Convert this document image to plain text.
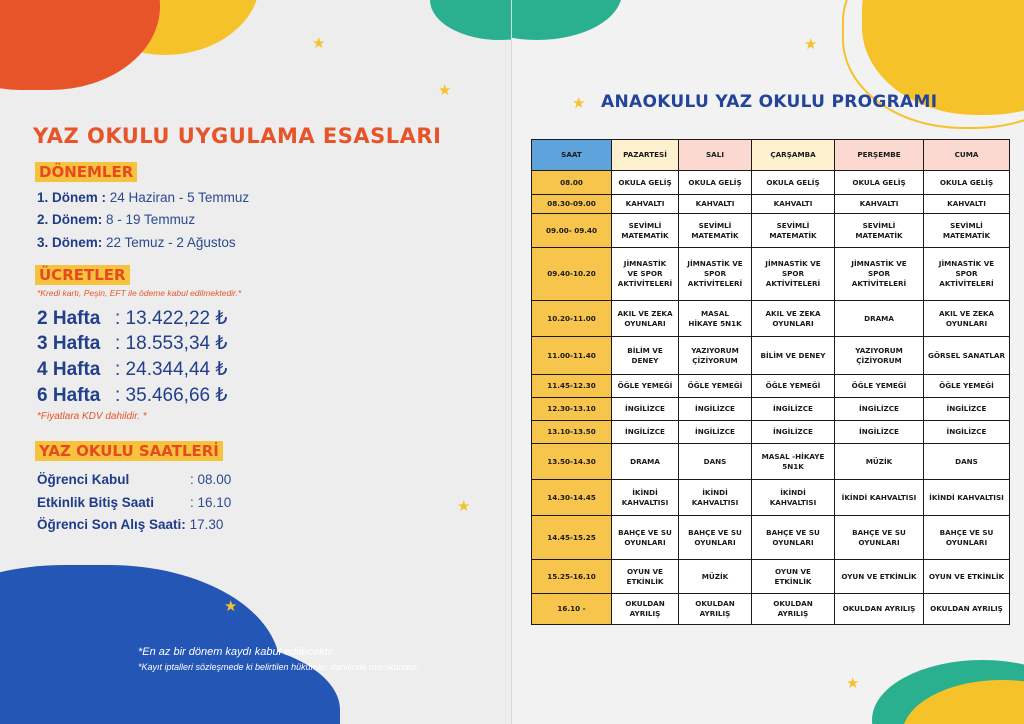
★
★
★
★
YAZ OKULU UYGULAMA ESASLARI
DÖNEMLER
1. Dönem : 24 Haziran - 5 Temmuz
2. Dönem: 8 - 19 Temmuz
3. Dönem: 22 Temuz - 2 Ağustos
ÜCRETLER
*Kredi kartı, Peşin, EFT ile ödeme kabul edilmektedir.*
2 Hafta : 13.422,22 ₺
3 Hafta : 18.553,34 ₺
4 Hafta : 24.344,44 ₺
6 Hafta : 35.466,66 ₺
*Fiyatlara KDV dahildir. *
YAZ OKULU SAATLERİ
Öğrenci Kabul	: 08.00
Etkinlik Bitiş Saati	: 16.10
Öğrenci Son Alış Saati: 17.30
*En az bir dönem kaydı kabul edilecektir.
*Kayıt iptalleri sözleşmede ki belirtilen hükümler dahilinde mümkündür.
★
★
★
ANAOKULU YAZ OKULU PROGRAMI
SAAT	PAZARTESİ	SALI	ÇARŞAMBA	PERŞEMBE	CUMA
08.00	OKULA GELİŞ	OKULA GELİŞ	OKULA GELİŞ	OKULA GELİŞ	OKULA GELİŞ
08.30-09.00	KAHVALTI	KAHVALTI	KAHVALTI	KAHVALTI	KAHVALTI
09.00- 09.40	SEVİMLİ
MATEMATİK	SEVİMLİ
MATEMATİK	SEVİMLİ
MATEMATİK	SEVİMLİ
MATEMATİK	SEVİMLİ
MATEMATİK
09.40-10.20	JİMNASTİK
VE SPOR
AKTİVİTELERİ	JİMNASTİK VE
SPOR
AKTİVİTELERİ	JİMNASTİK VE
SPOR
AKTİVİTELERİ	JİMNASTİK VE
SPOR
AKTİVİTELERİ	JİMNASTİK VE
SPOR
AKTİVİTELERİ
10.20-11.00	AKIL VE ZEKA
OYUNLARI	MASAL
HİKAYE 5N1K	AKIL VE ZEKA
OYUNLARI	DRAMA	AKIL VE ZEKA
OYUNLARI
11.00-11.40	BİLİM VE
DENEY	YAZIYORUM
ÇİZİYORUM	BİLİM VE DENEY	YAZIYORUM
ÇİZİYORUM	GÖRSEL SANATLAR
11.45-12.30	ÖĞLE YEMEĞİ	ÖĞLE YEMEĞİ	ÖĞLE YEMEĞİ	ÖĞLE YEMEĞİ	ÖĞLE YEMEĞİ
12.30-13.10	İNGİLİZCE	İNGİLİZCE	İNGİLİZCE	İNGİLİZCE	İNGİLİZCE
13.10-13.50	İNGİLİZCE	İNGİLİZCE	İNGİLİZCE	İNGİLİZCE	İNGİLİZCE
13.50-14.30	DRAMA	DANS	MASAL -HİKAYE
5N1K	MÜZİK	DANS
14.30-14.45	İKİNDİ
KAHVALTISI	İKİNDİ
KAHVALTISI	İKİNDİ
KAHVALTISI	İKİNDİ KAHVALTISI	İKİNDİ KAHVALTISI
14.45-15.25	BAHÇE VE SU
OYUNLARI	BAHÇE VE SU
OYUNLARI	BAHÇE VE SU
OYUNLARI	BAHÇE VE SU
OYUNLARI	BAHÇE VE SU
OYUNLARI
15.25-16.10	OYUN VE
ETKİNLİK	MÜZİK	OYUN VE
ETKİNLİK	OYUN VE ETKİNLİK	OYUN VE ETKİNLİK
16.10 -	OKULDAN
AYRILIŞ	OKULDAN
AYRILIŞ	OKULDAN
AYRILIŞ	OKULDAN AYRILIŞ	OKULDAN AYRILIŞ
